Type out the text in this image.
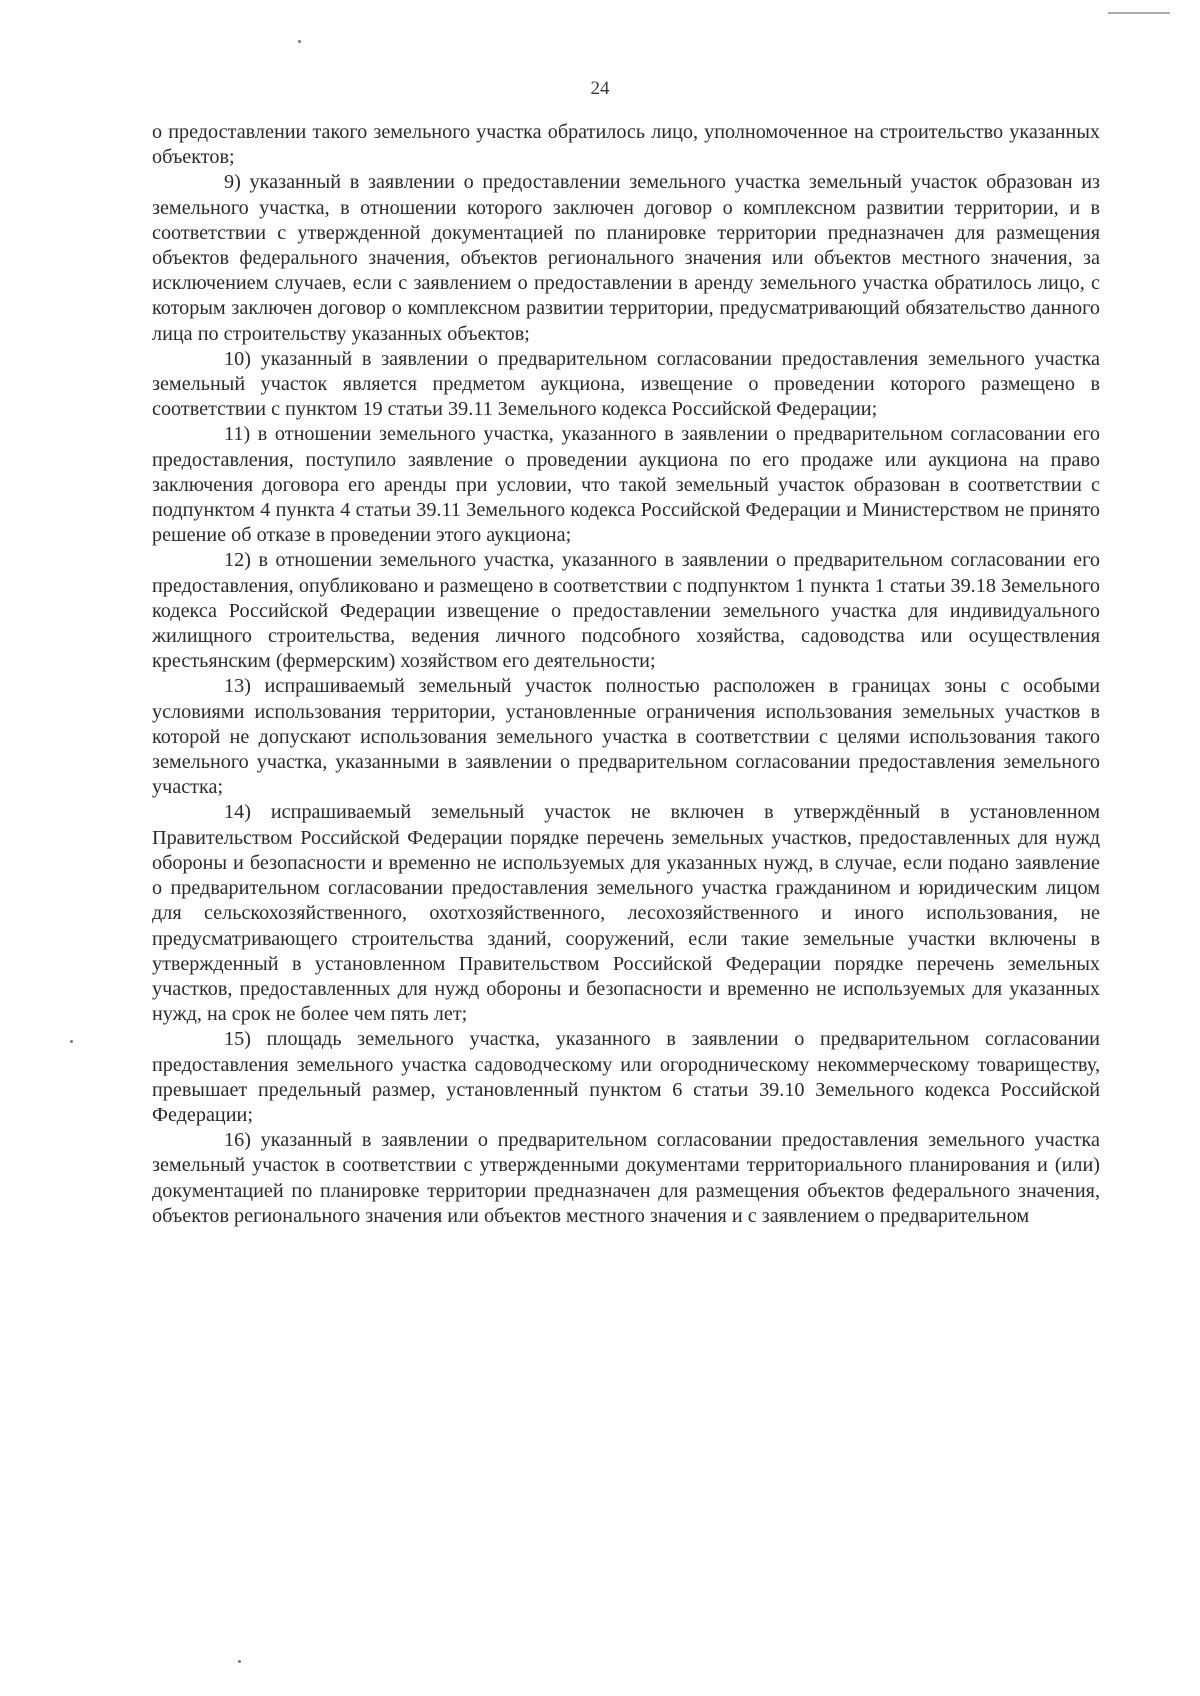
24

о предоставлении такого земельного участка обратилось лицо, уполномоченное на строительство указанных объектов;

9) указанный в заявлении о предоставлении земельного участка земельный участок образован из земельного участка, в отношении которого заключен договор о комплексном развитии территории, и в соответствии с утвержденной документацией по планировке территории предназначен для размещения объектов федерального значения, объектов регионального значения или объектов местного значения, за исключением случаев, если с заявлением о предоставлении в аренду земельного участка обратилось лицо, с которым заключен договор о комплексном развитии территории, предусматривающий обязательство данного лица по строительству указанных объектов;

10) указанный в заявлении о предварительном согласовании предоставления земельного участка земельный участок является предметом аукциона, извещение о проведении которого размещено в соответствии с пунктом 19 статьи 39.11 Земельного кодекса Российской Федерации;

11) в отношении земельного участка, указанного в заявлении о предварительном согласовании его предоставления, поступило заявление о проведении аукциона по его продаже или аукциона на право заключения договора его аренды при условии, что такой земельный участок образован в соответствии с подпунктом 4 пункта 4 статьи 39.11 Земельного кодекса Российской Федерации и Министерством не принято решение об отказе в проведении этого аукциона;

12) в отношении земельного участка, указанного в заявлении о предварительном согласовании его предоставления, опубликовано и размещено в соответствии с подпунктом 1 пункта 1 статьи 39.18 Земельного кодекса Российской Федерации извещение о предоставлении земельного участка для индивидуального жилищного строительства, ведения личного подсобного хозяйства, садоводства или осуществления крестьянским (фермерским) хозяйством его деятельности;

13) испрашиваемый земельный участок полностью расположен в границах зоны с особыми условиями использования территории, установленные ограничения использования земельных участков в которой не допускают использования земельного участка в соответствии с целями использования такого земельного участка, указанными в заявлении о предварительном согласовании предоставления земельного участка;

14) испрашиваемый земельный участок не включен в утверждённый в установленном Правительством Российской Федерации порядке перечень земельных участков, предоставленных для нужд обороны и безопасности и временно не используемых для указанных нужд, в случае, если подано заявление о предварительном согласовании предоставления земельного участка гражданином и юридическим лицом для сельскохозяйственного, охотхозяйственного, лесохозяйственного и иного использования, не предусматривающего строительства зданий, сооружений, если такие земельные участки включены в утвержденный в установленном Правительством Российской Федерации порядке перечень земельных участков, предоставленных для нужд обороны и безопасности и временно не используемых для указанных нужд, на срок не более чем пять лет;

15) площадь земельного участка, указанного в заявлении о предварительном согласовании предоставления земельного участка садоводческому или огородническому некоммерческому товариществу, превышает предельный размер, установленный пунктом 6 статьи 39.10 Земельного кодекса Российской Федерации;

16) указанный в заявлении о предварительном согласовании предоставления земельного участка земельный участок в соответствии с утвержденными документами территориального планирования и (или) документацией по планировке территории предназначен для размещения объектов федерального значения, объектов регионального значения или объектов местного значения и с заявлением о предварительном
